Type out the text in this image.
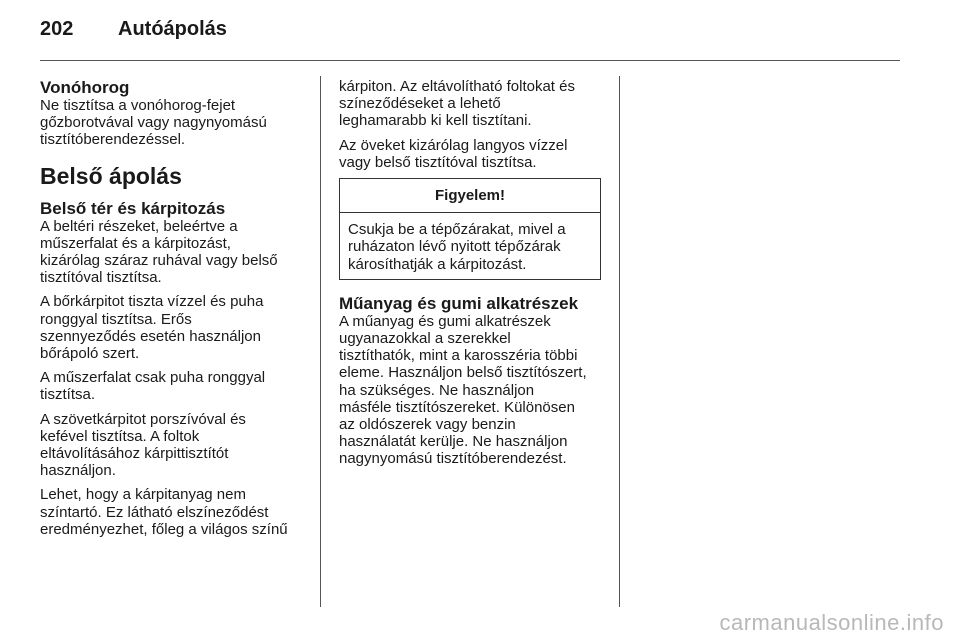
202 Autóápolás
Vonóhorog

Ne tisztítsa a vonóhorog-fejet
gőzborotvával vagy nagynyomású
tisztítóberendezéssel.

Belső ápolás
Belső tér és kárpitozás

A beltéri részeket, beleértve a
műszerfalat és a kárpitozást,
kizárólag száraz ruhával vagy belső
tisztítóval tisztítsa.

A bőrkárpitot tiszta vízzel és puha
ronggyal tisztítsa. Erős
szennyeződés esetén használjon
bőrápoló szert.

A műszerfalat csak puha ronggyal
tisztítsa.

A szövetkárpitot porszívóval és
kefével tisztítsa. A foltok
eltávolításához kárpittisztítót
használjon.

Lehet, hogy a kárpitanyag nem
színtartó. Ez látható elszíneződést
eredményezhet, főleg a világos színű

kárpiton. Az eltávolítható foltokat és
színező​déseket a lehető
leghamarabb ki kell tisztítani.

Az öveket kizárólag langyos vízzel
vagy belső tisztítóval tisztítsa.

Figyelem!
Csukja be a tépőzárakat, mivel a
ruházaton lévő nyitott tépőzárak
károsíthatják a kárpitozást.
Műanyag és gumi alkatrészek

A műanyag és gumi alkatrészek
ugyanazokkal a szerekkel
tisztíthatók, mint a karosszéria többi
eleme. Használjon belső tisztítószert,
ha szükséges. Ne használjon
másféle tisztítószereket. Különösen
az oldószerek vagy benzin
használatát kerülje. Ne használjon
nagynyomású tisztítóberendezést.

carmanualsonline.info
